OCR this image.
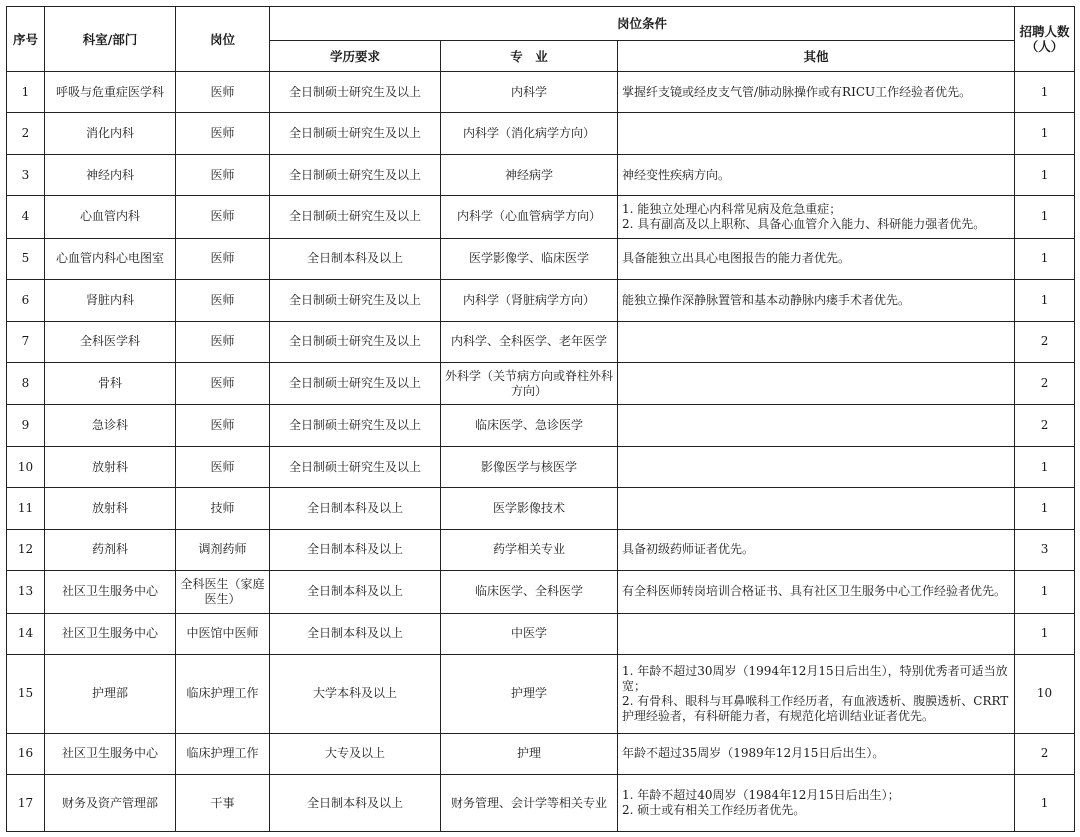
序号	科室/部门	岗位	岗位条件			招聘人数（人）
			学历要求	专　业	其他	
1	呼吸与危重症医学科	医师	全日制硕士研究生及以上	内科学	掌握纤支镜或经皮支气管/肺动脉操作或有RICU工作经验者优先。	1
2	消化内科	医师	全日制硕士研究生及以上	内科学（消化病学方向）		1
3	神经内科	医师	全日制硕士研究生及以上	神经病学	神经变性疾病方向。	1
4	心血管内科	医师	全日制硕士研究生及以上	内科学（心血管病学方向）	1. 能独立处理心内科常见病及危急重症；
2. 具有副高及以上职称、具备心血管介入能力、科研能力强者优先。	1
5	心血管内科心电图室	医师	全日制本科及以上	医学影像学、临床医学	具备能独立出具心电图报告的能力者优先。	1
6	肾脏内科	医师	全日制硕士研究生及以上	内科学（肾脏病学方向）	能独立操作深静脉置管和基本动静脉内瘘手术者优先。	1
7	全科医学科	医师	全日制硕士研究生及以上	内科学、全科医学、老年医学		2
8	骨科	医师	全日制硕士研究生及以上	外科学（关节病方向或脊柱外科方向）		2
9	急诊科	医师	全日制硕士研究生及以上	临床医学、急诊医学		2
10	放射科	医师	全日制硕士研究生及以上	影像医学与核医学		1
11	放射科	技师	全日制本科及以上	医学影像技术		1
12	药剂科	调剂药师	全日制本科及以上	药学相关专业	具备初级药师证者优先。	3
13	社区卫生服务中心	全科医生（家庭医生）	全日制本科及以上	临床医学、全科医学	有全科医师转岗培训合格证书、具有社区卫生服务中心工作经验者优先。	1
14	社区卫生服务中心	中医馆中医师	全日制本科及以上	中医学		1
15	护理部	临床护理工作	大学本科及以上	护理学	1. 年龄不超过30周岁（1994年12月15日后出生），特别优秀者可适当放宽；
2. 有骨科、眼科与耳鼻喉科工作经历者，有血液透析、腹膜透析、CRRT护理经验者，有科研能力者，有规范化培训结业证者优先。	10
16	社区卫生服务中心	临床护理工作	大专及以上	护理	年龄不超过35周岁（1989年12月15日后出生）。	2
17	财务及资产管理部	干事	全日制本科及以上	财务管理、会计学等相关专业	1. 年龄不超过40周岁（1984年12月15日后出生）；
2. 硕士或有相关工作经历者优先。	1
